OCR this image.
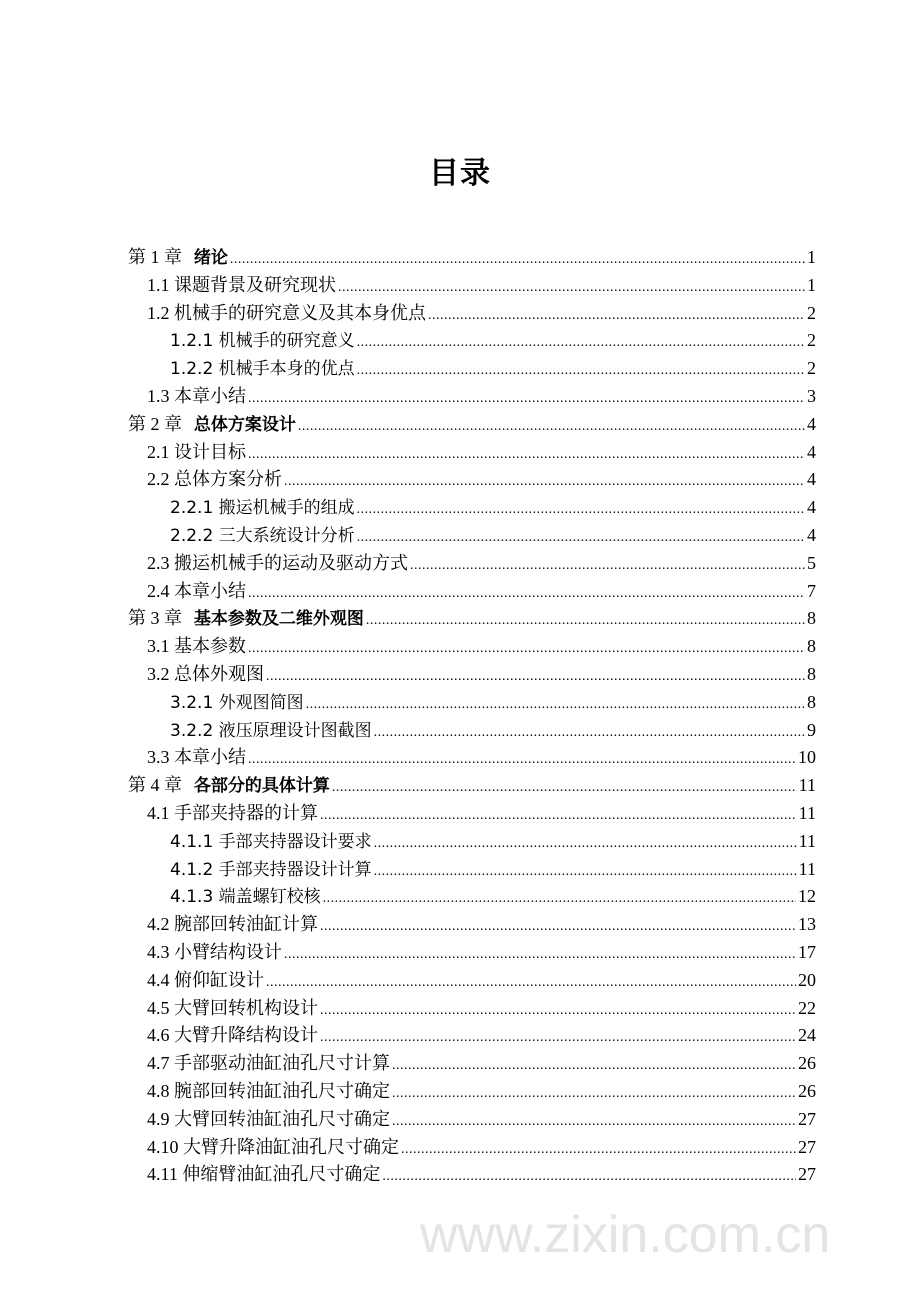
www.zixin.com.cn
目录
第 1 章 绪论 .....	1
1.1 课题背景及研究现状 .....	1
1.2 机械手的研究意义及其本身优点 .....	2
1.2.1 机械手的研究意义 .....	2
1.2.2 机械手本身的优点 .....	2
1.3 本章小结 .....	3
第 2 章 总体方案设计 .....	4
2.1 设计目标 .....	4
2.2 总体方案分析 .....	4
2.2.1 搬运机械手的组成 .....	4
2.2.2 三大系统设计分析 .....	4
2.3 搬运机械手的运动及驱动方式 .....	5
2.4 本章小结 .....	7
第 3 章 基本参数及二维外观图 .....	8
3.1 基本参数 .....	8
3.2 总体外观图 .....	8
3.2.1 外观图简图 .....	8
3.2.2 液压原理设计图截图 .....	9
3.3 本章小结 .....	10
第 4 章 各部分的具体计算 .....	11
4.1 手部夹持器的计算 .....	11
4.1.1 手部夹持器设计要求 .....	11
4.1.2 手部夹持器设计计算 .....	11
4.1.3 端盖螺钉校核 .....	12
4.2 腕部回转油缸计算 .....	13
4.3 小臂结构设计 .....	17
4.4 俯仰缸设计 .....	20
4.5 大臂回转机构设计 .....	22
4.6 大臂升降结构设计 .....	24
4.7 手部驱动油缸油孔尺寸计算 .....	26
4.8 腕部回转油缸油孔尺寸确定 .....	26
4.9 大臂回转油缸油孔尺寸确定 .....	27
4.10 大臂升降油缸油孔尺寸确定 .....	27
4.11 伸缩臂油缸油孔尺寸确定 .....	27
